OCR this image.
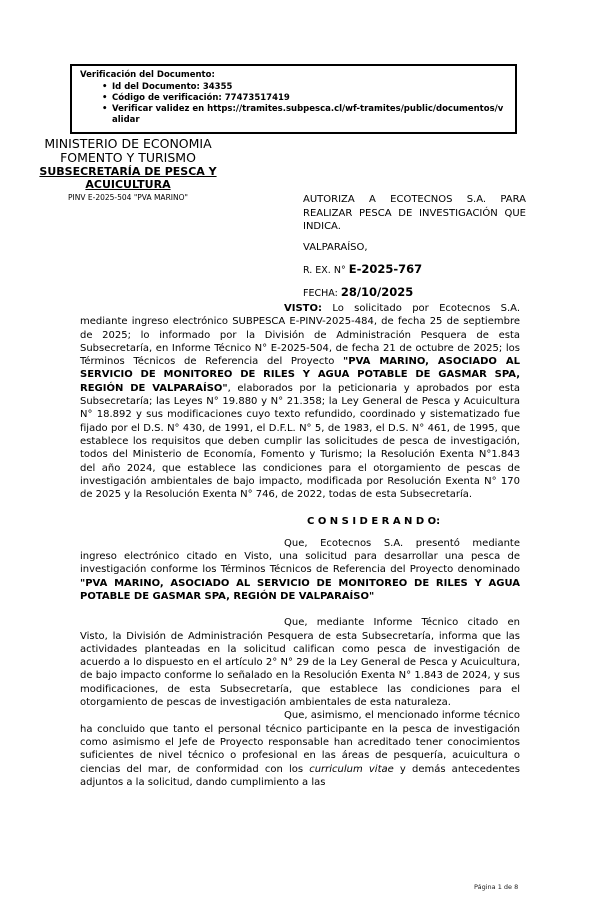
Verificación del Documento:
• Id del Documento: 34355
• Código de verificación: 77473517419
• Verificar validez en https://tramites.subpesca.cl/wf-tramites/public/documentos/validar
MINISTERIO DE ECONOMIA
FOMENTO Y TURISMO
SUBSECRETARÍA DE PESCA Y ACUICULTURA
PINV E-2025-504 "PVA MARINO"	AUTORIZA A ECOTECNOS S.A. PARA REALIZAR PESCA DE INVESTIGACIÓN QUE INDICA.
VALPARAÍSO,
R. EX. N° E-2025-767
FECHA: 28/10/2025

VISTO: Lo solicitado por Ecotecnos S.A. mediante ingreso electrónico SUBPESCA E-PINV-2025-484, de fecha 25 de septiembre de 2025; lo informado por la División de Administración Pesquera de esta Subsecretaría, en Informe Técnico N° E-2025-504, de fecha 21 de octubre de 2025; los Términos Técnicos de Referencia del Proyecto "PVA MARINO, ASOCIADO AL SERVICIO DE MONITOREO DE RILES Y AGUA POTABLE DE GASMAR SPA, REGIÓN DE VALPARAÍSO", elaborados por la peticionaria y aprobados por esta Subsecretaría; las Leyes N° 19.880 y N° 21.358; la Ley General de Pesca y Acuicultura N° 18.892 y sus modificaciones cuyo texto refundido, coordinado y sistematizado fue fijado por el D.S. N° 430, de 1991, el D.F.L. N° 5, de 1983, el D.S. N° 461, de 1995, que establece los requisitos que deben cumplir las solicitudes de pesca de investigación, todos del Ministerio de Economía, Fomento y Turismo; la Resolución Exenta N°1.843 del año 2024, que establece las condiciones para el otorgamiento de pescas de investigación ambientales de bajo impacto, modificada por Resolución Exenta N° 170 de 2025 y la Resolución Exenta N° 746, de 2022, todas de esta Subsecretaría.

C O N S I D E R A N D O:

Que, Ecotecnos S.A. presentó mediante ingreso electrónico citado en Visto, una solicitud para desarrollar una pesca de investigación conforme los Términos Técnicos de Referencia del Proyecto denominado "PVA MARINO, ASOCIADO AL SERVICIO DE MONITOREO DE RILES Y AGUA POTABLE DE GASMAR SPA, REGIÓN DE VALPARAÍSO"

Que, mediante Informe Técnico citado en Visto, la División de Administración Pesquera de esta Subsecretaría, informa que las actividades planteadas en la solicitud califican como pesca de investigación de acuerdo a lo dispuesto en el artículo 2° N° 29 de la Ley General de Pesca y Acuicultura, de bajo impacto conforme lo señalado en la Resolución Exenta N° 1.843 de 2024, y sus modificaciones, de esta Subsecretaría, que establece las condiciones para el otorgamiento de pescas de investigación ambientales de esta naturaleza.

Que, asimismo, el mencionado informe técnico ha concluido que tanto el personal técnico participante en la pesca de investigación como asimismo el Jefe de Proyecto responsable han acreditado tener conocimientos suficientes de nivel técnico o profesional en las áreas de pesquería, acuicultura o ciencias del mar, de conformidad con los curriculum vitae y demás antecedentes adjuntos a la solicitud, dando cumplimiento a las

Página 1 de 8
